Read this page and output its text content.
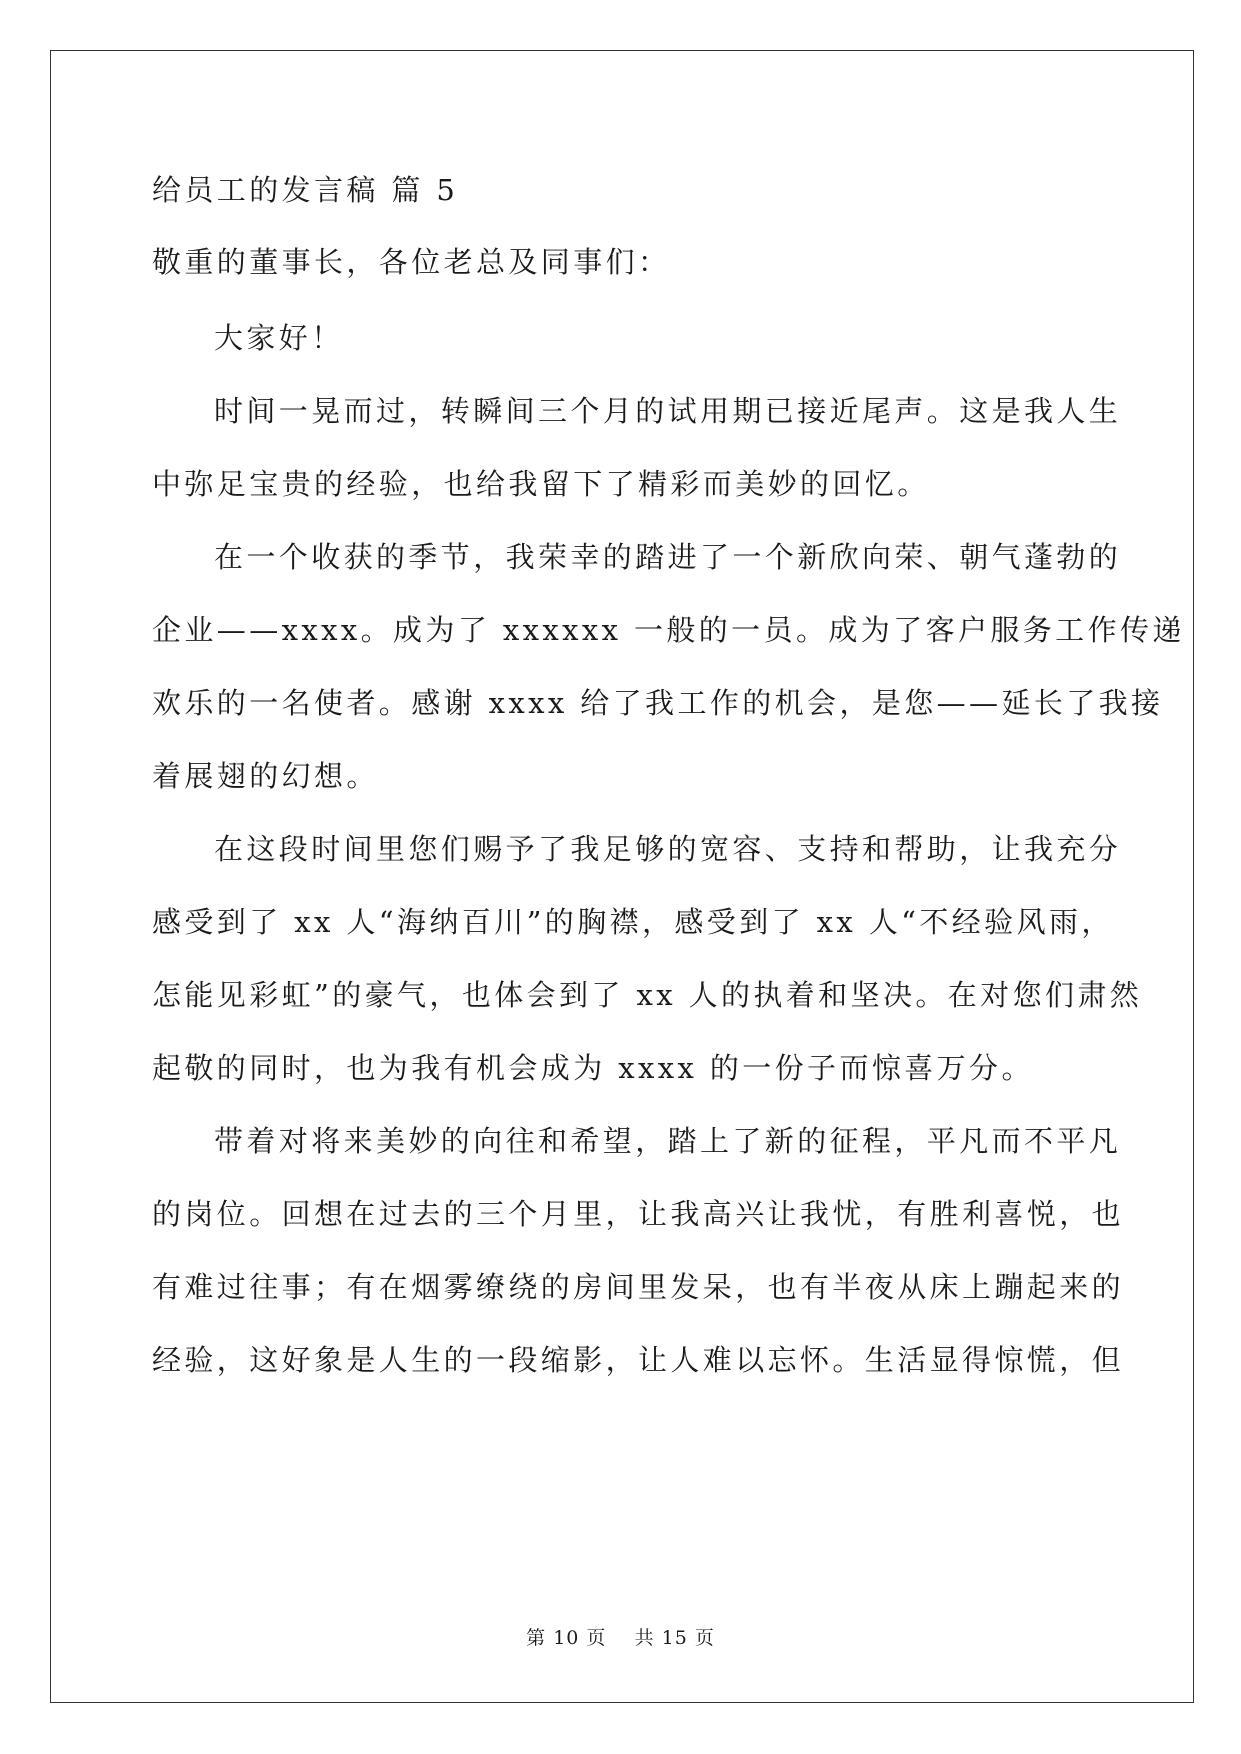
给员工的发言稿 篇 5
敬重的董事长，各位老总及同事们：
大家好！
时间一晃而过，转瞬间三个月的试用期已接近尾声。这是我人生
中弥足宝贵的经验，也给我留下了精彩而美妙的回忆。
在一个收获的季节，我荣幸的踏进了一个新欣向荣、朝气蓬勃的
企业——xxxx。成为了 xxxxxx 一般的一员。成为了客户服务工作传递
欢乐的一名使者。感谢 xxxx 给了我工作的机会，是您——延长了我接
着展翅的幻想。
在这段时间里您们赐予了我足够的宽容、支持和帮助，让我充分
感受到了 xx 人“海纳百川”的胸襟，感受到了 xx 人“不经验风雨，
怎能见彩虹”的豪气，也体会到了 xx 人的执着和坚决。在对您们肃然
起敬的同时，也为我有机会成为 xxxx 的一份子而惊喜万分。
带着对将来美妙的向往和希望，踏上了新的征程，平凡而不平凡
的岗位。回想在过去的三个月里，让我高兴让我忧，有胜利喜悦，也
有难过往事；有在烟雾缭绕的房间里发呆，也有半夜从床上蹦起来的
经验，这好象是人生的一段缩影，让人难以忘怀。生活显得惊慌，但
第 10 页    共 15 页
